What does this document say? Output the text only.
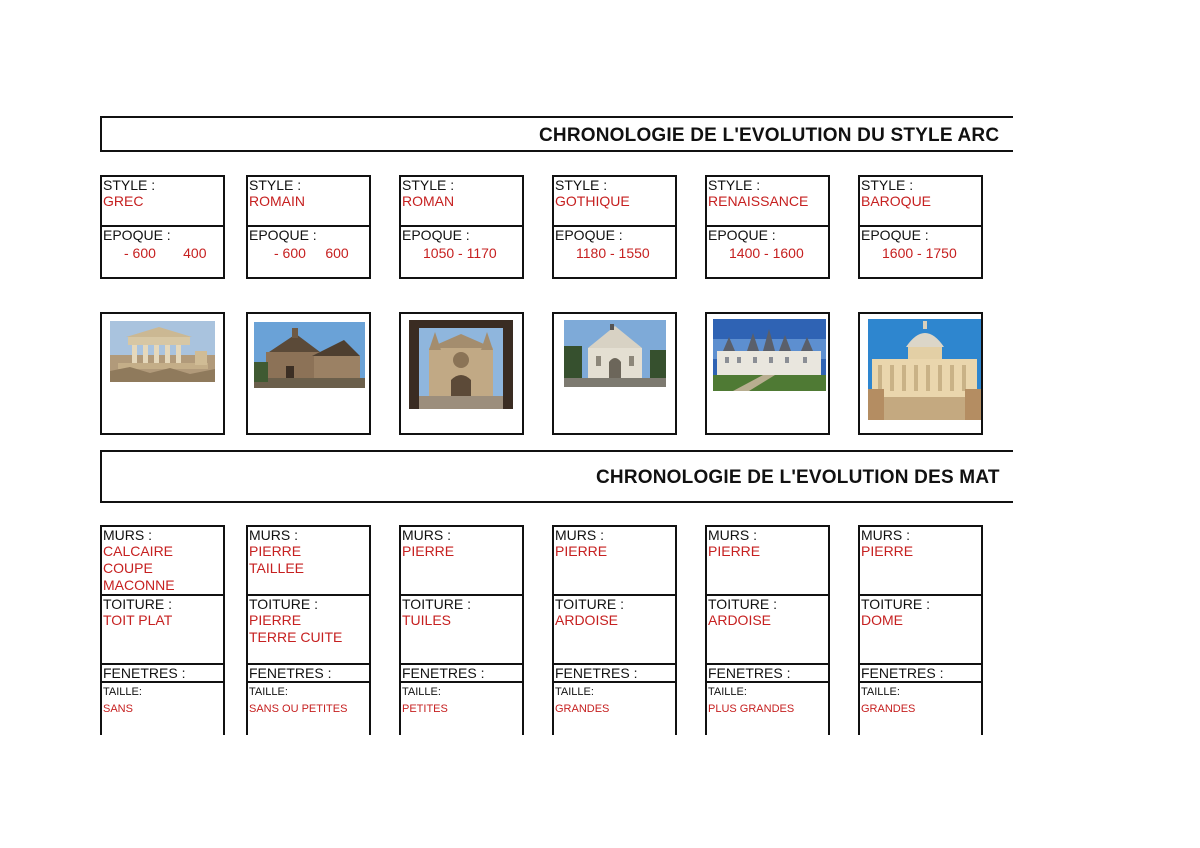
CHRONOLOGIE DE L'EVOLUTION DU STYLE ARC
STYLE :
GREC
EPOQUE :
- 600       400
STYLE :
ROMAIN
EPOQUE :
- 600     600
STYLE :
ROMAN
EPOQUE :
1050 - 1170
STYLE :
GOTHIQUE
EPOQUE :
1180 - 1550
STYLE :
RENAISSANCE
EPOQUE :
1400 - 1600
STYLE :
BAROQUE
EPOQUE :
1600 - 1750
CHRONOLOGIE DE L'EVOLUTION DES MAT
MURS :
CALCAIRE
COUPE
MACONNE
TOITURE :
TOIT PLAT
FENETRES :
TAILLE:
SANS
MURS :
PIERRE
TAILLEE
TOITURE :
PIERRE
TERRE CUITE
FENETRES :
TAILLE:
SANS OU PETITES
MURS :
PIERRE
TOITURE :
TUILES
FENETRES :
TAILLE:
PETITES
MURS :
PIERRE
TOITURE :
ARDOISE
FENETRES :
TAILLE:
GRANDES
MURS :
PIERRE
TOITURE :
ARDOISE
FENETRES :
TAILLE:
PLUS GRANDES
MURS :
PIERRE
TOITURE :
DOME
FENETRES :
TAILLE:
GRANDES
